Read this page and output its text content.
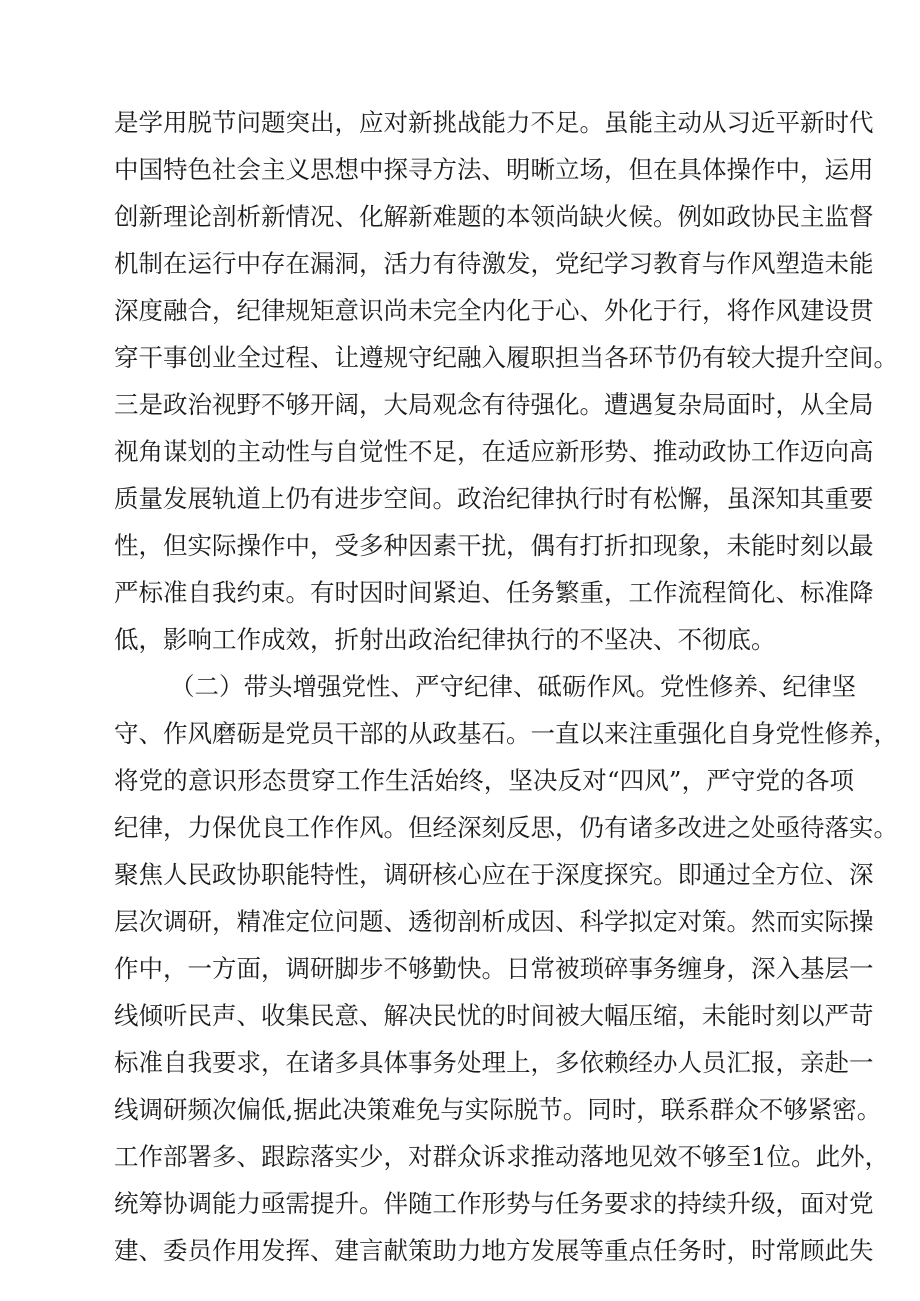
是学用脱节问题突出，应对新挑战能力不足。虽能主动从习近平新时代
中国特色社会主义思想中探寻方法、明晰立场，但在具体操作中，运用
创新理论剖析新情况、化解新难题的本领尚缺火候。例如政协民主监督
机制在运行中存在漏洞，活力有待激发，党纪学习教育与作风塑造未能
深度融合，纪律规矩意识尚未完全内化于心、外化于行，将作风建设贯
穿干事创业全过程、让遵规守纪融入履职担当各环节仍有较大提升空间。
三是政治视野不够开阔，大局观念有待强化。遭遇复杂局面时，从全局
视角谋划的主动性与自觉性不足，在适应新形势、推动政协工作迈向高
质量发展轨道上仍有进步空间。政治纪律执行时有松懈，虽深知其重要
性，但实际操作中，受多种因素干扰，偶有打折扣现象，未能时刻以最
严标准自我约束。有时因时间紧迫、任务繁重，工作流程简化、标准降
低，影响工作成效，折射出政治纪律执行的不坚决、不彻底。
（二）带头增强党性、严守纪律、砥砺作风。党性修养、纪律坚
守、作风磨砺是党员干部的从政基石。一直以来注重强化自身党性修养，
将党的意识形态贯穿工作生活始终，坚决反对“四风”，严守党的各项
纪律，力保优良工作作风。但经深刻反思，仍有诸多改进之处亟待落实。
聚焦人民政协职能特性，调研核心应在于深度探究。即通过全方位、深
层次调研，精准定位问题、透彻剖析成因、科学拟定对策。然而实际操
作中，一方面，调研脚步不够勤快。日常被琐碎事务缠身，深入基层一
线倾听民声、收集民意、解决民忧的时间被大幅压缩，未能时刻以严苛
标准自我要求，在诸多具体事务处理上，多依赖经办人员汇报，亲赴一
线调研频次偏低,据此决策难免与实际脱节。同时，联系群众不够紧密。
工作部署多、跟踪落实少，对群众诉求推动落地见效不够至1位。此外，
统筹协调能力亟需提升。伴随工作形势与任务要求的持续升级，面对党
建、委员作用发挥、建言献策助力地方发展等重点任务时，时常顾此失
